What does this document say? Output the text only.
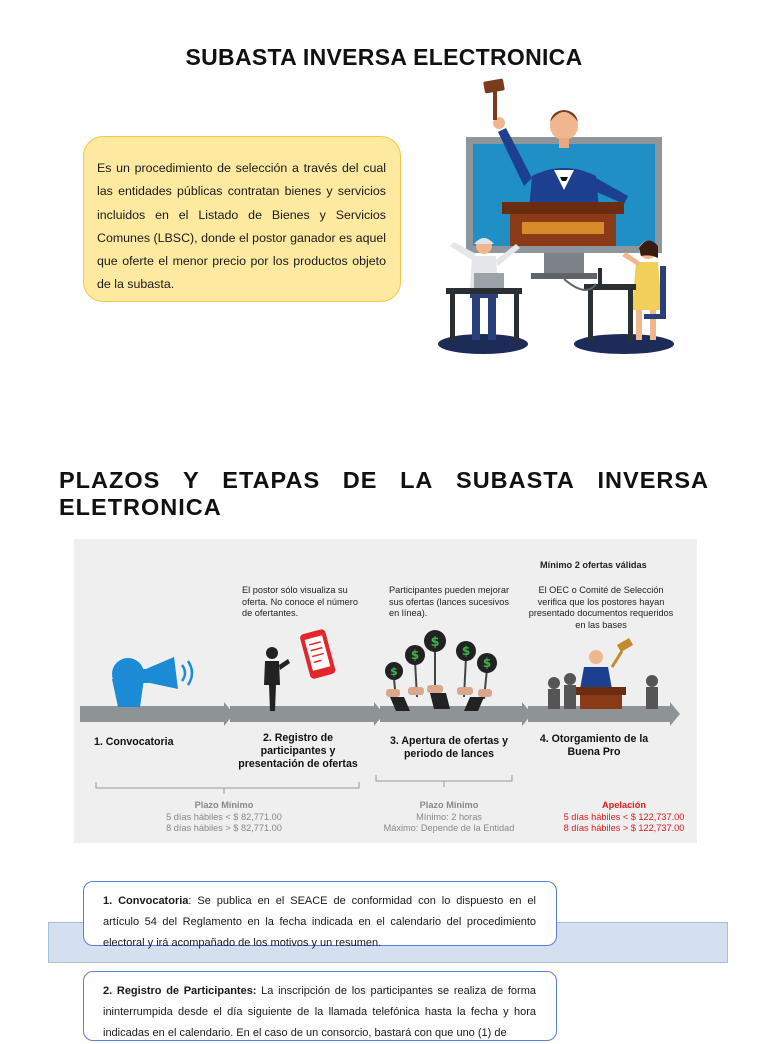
SUBASTA INVERSA ELECTRONICA
Es un procedimiento de selección a través del cual las entidades públicas contratan bienes y servicios incluidos en el Listado de Bienes y Servicios Comunes (LBSC), donde el postor ganador es aquel que oferte el menor precio por los productos objeto de la subasta.
PLAZOS Y ETAPAS DE LA SUBASTA INVERSA
ELETRONICA
$
$
$
$
$
Mínimo 2 ofertas válidas
El postor sólo visualiza su oferta. No conoce el número de ofertantes.
Participantes pueden mejorar sus ofertas (lances sucesivos en línea).
El OEC o Comité de Selección verifica que los postores hayan presentado documentos requeridos en las bases
1. Convocatoria	2. Registro de participantes y presentación de ofertas
3. Apertura de ofertas y periodo de lances
4. Otorgamiento de la Buena Pro
Plazo Mínimo
5 días hábiles < $ 82,771.00
8 días hábiles > $ 82,771.00
Plazo Mínimo
Mínimo: 2 horas
Máximo: Depende de la Entidad
Apelación
5 días hábiles < $ 122,737.00
8 días hábiles > $ 122,737.00
1. Convocatoria: Se publica en el SEACE de conformidad con lo dispuesto en el artículo 54 del Reglamento en la fecha indicada en el calendario del procedimiento electoral y irá acompañado de los motivos y un resumen.
2. Registro de Participantes: La inscripción de los participantes se realiza de forma ininterrumpida desde el día siguiente de la llamada telefónica hasta la fecha y hora indicadas en el calendario. En el caso de un consorcio, bastará con que uno (1) de
